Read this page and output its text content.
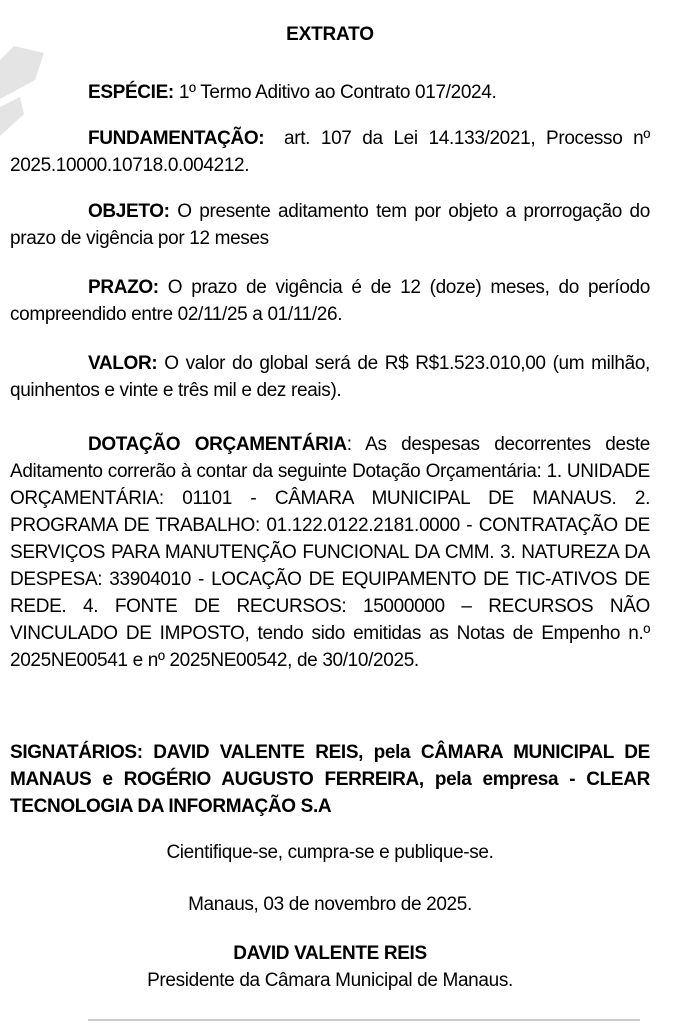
EXTRATO

ESPÉCIE: 1º Termo Aditivo ao Contrato 017/2024.

FUNDAMENTAÇÃO: art. 107 da Lei 14.133/2021, Processo nº 2025.10000.10718.0.004212.

OBJETO: O presente aditamento tem por objeto a prorrogação do prazo de vigência por 12 meses

PRAZO: O prazo de vigência é de 12 (doze) meses, do período compreendido entre 02/11/25 a 01/11/26.

VALOR: O valor do global será de R$ R$1.523.010,00 (um milhão, quinhentos e vinte e três mil e dez reais).

DOTAÇÃO ORÇAMENTÁRIA: As despesas decorrentes deste Aditamento correrão à contar da seguinte Dotação Orçamentária: 1. UNIDADE ORÇAMENTÁRIA: 01101 - CÂMARA MUNICIPAL DE MANAUS. 2. PROGRAMA DE TRABALHO: 01.122.0122.2181.0000 - CONTRATAÇÃO DE SERVIÇOS PARA MANUTENÇÃO FUNCIONAL DA CMM. 3. NATUREZA DA DESPESA: 33904010 - LOCAÇÃO DE EQUIPAMENTO DE TIC-ATIVOS DE REDE. 4. FONTE DE RECURSOS: 15000000 – RECURSOS NÃO VINCULADO DE IMPOSTO, tendo sido emitidas as Notas de Empenho n.º 2025NE00541 e nº 2025NE00542, de 30/10/2025.

SIGNATÁRIOS: DAVID VALENTE REIS, pela CÂMARA MUNICIPAL DE MANAUS e ROGÉRIO AUGUSTO FERREIRA, pela empresa - CLEAR TECNOLOGIA DA INFORMAÇÃO S.A

Cientifique-se, cumpra-se e publique-se.

Manaus, 03 de novembro de 2025.

DAVID VALENTE REIS

Presidente da Câmara Municipal de Manaus.
